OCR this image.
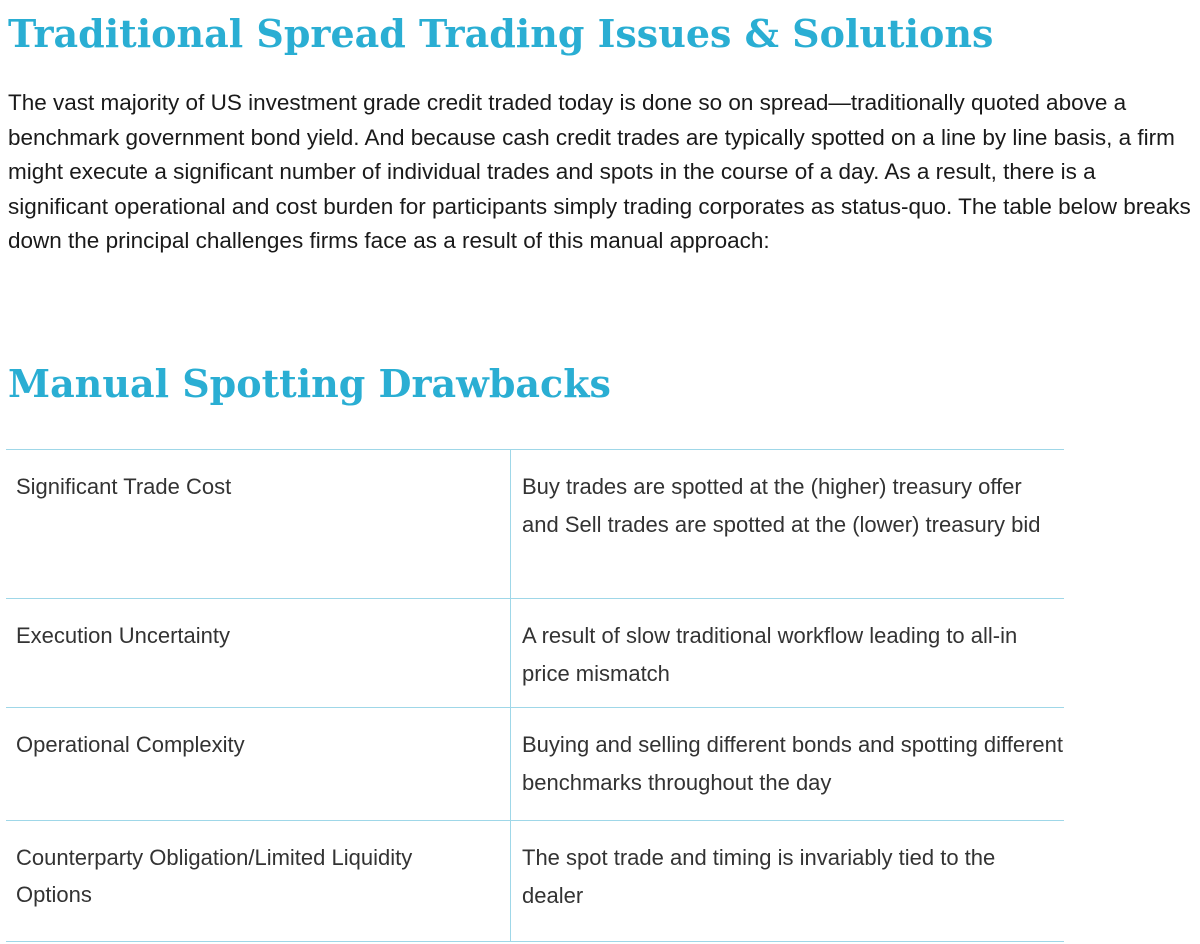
Traditional Spread Trading Issues & Solutions

The vast majority of US investment grade credit traded today is done so on spread—traditionally quoted above a benchmark government bond yield. And because cash credit trades are typically spotted on a line by line basis, a firm might execute a significant number of individual trades and spots in the course of a day. As a result, there is a significant operational and cost burden for participants simply trading corporates as status-quo. The table below breaks down the principal challenges firms face as a result of this manual approach:

Manual Spotting Drawbacks
Significant Trade Cost	Buy trades are spotted at the (higher) treasury offer and Sell trades are spotted at the (lower) treasury bid

Execution Uncertainty	A result of slow traditional workflow leading to all-in price mismatch

Operational Complexity	Buying and selling different bonds and spotting different benchmarks throughout the day

Counterparty Obligation/Limited Liquidity Options	The spot trade and timing is invariably tied to the dealer
